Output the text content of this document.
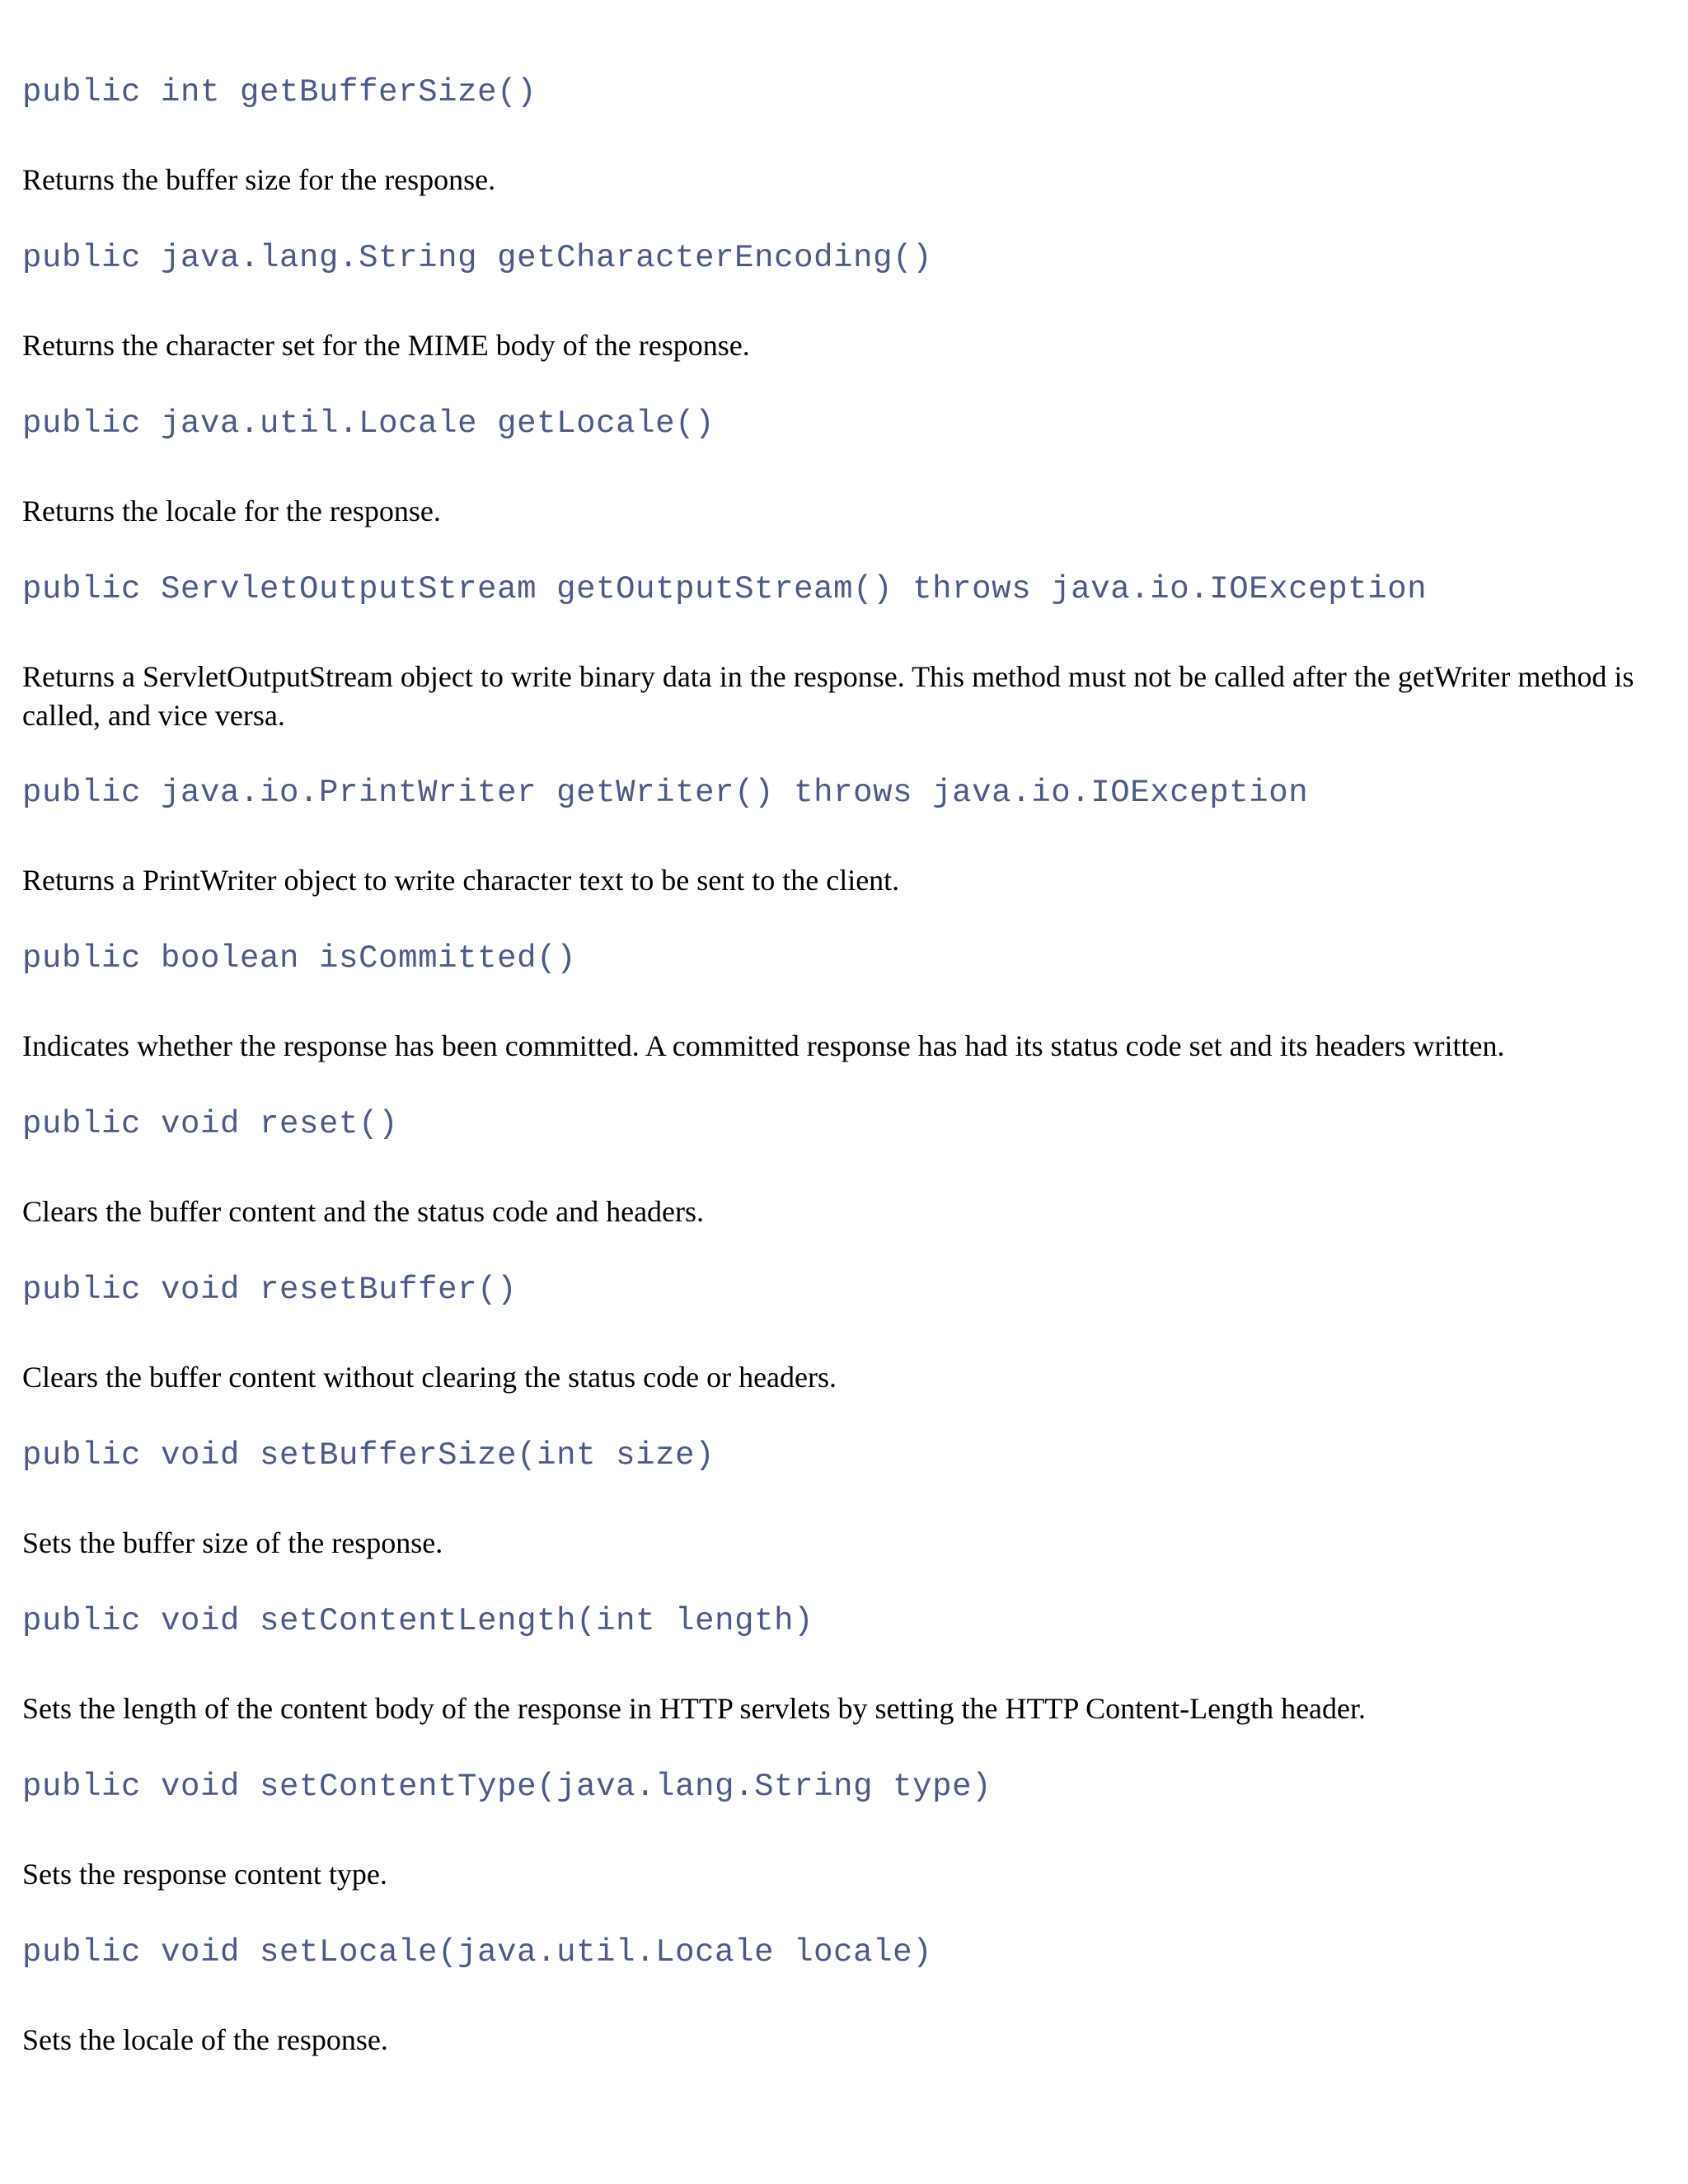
public int getBufferSize()
Returns the buffer size for the response.
public java.lang.String getCharacterEncoding()
Returns the character set for the MIME body of the response.
public java.util.Locale getLocale()
Returns the locale for the response.
public ServletOutputStream getOutputStream() throws java.io.IOException
Returns a ServletOutputStream object to write binary data in the response. This method must not be called after the getWriter method is called, and vice versa.
public java.io.PrintWriter getWriter() throws java.io.IOException
Returns a PrintWriter object to write character text to be sent to the client.
public boolean isCommitted()
Indicates whether the response has been committed. A committed response has had its status code set and its headers written.
public void reset()
Clears the buffer content and the status code and headers.
public void resetBuffer()
Clears the buffer content without clearing the status code or headers.
public void setBufferSize(int size)
Sets the buffer size of the response.
public void setContentLength(int length)
Sets the length of the content body of the response in HTTP servlets by setting the HTTP Content-Length header.
public void setContentType(java.lang.String type)
Sets the response content type.
public void setLocale(java.util.Locale locale)
Sets the locale of the response.
